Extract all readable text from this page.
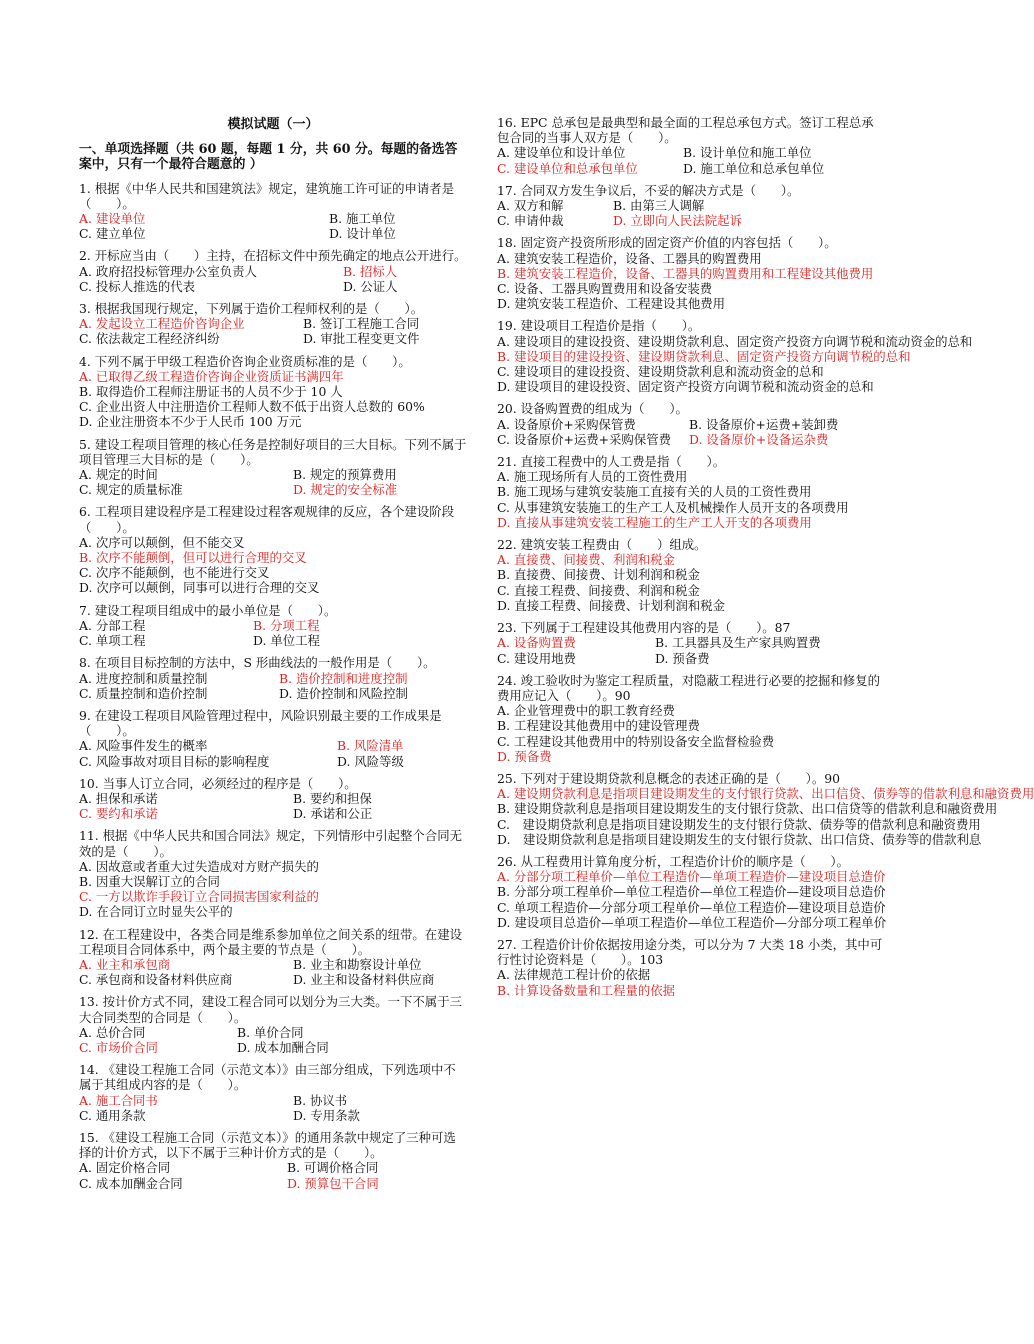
模拟试题（一）
一、单项选择题（共 60 题，每题 1 分，共 60 分。每题的备选答案中，只有一个最符合题意的 ）
1. 根据《中华人民共和国建筑法》规定，建筑施工许可证的申请者是（　　）。
A. 建设单位	B. 施工单位
C. 建立单位	D. 设计单位
2. 开标应当由（　　）主持，在招标文件中预先确定的地点公开进行。
A. 政府招投标管理办公室负责人	B. 招标人
C. 投标人推选的代表	D. 公证人
3. 根据我国现行规定，下列属于造价工程师权利的是（　　）。
A. 发起设立工程造价咨询企业	B. 签订工程施工合同
C. 依法裁定工程经济纠纷	D. 审批工程变更文件
4. 下列不属于甲级工程造价咨询企业资质标准的是（　　）。
A. 已取得乙级工程造价咨询企业资质证书满四年
B. 取得造价工程师注册证书的人员不少于 10 人
C. 企业出资人中注册造价工程师人数不低于出资人总数的 60%
D. 企业注册资本不少于人民币 100 万元
5. 建设工程项目管理的核心任务是控制好项目的三大目标。下列不属于项目管理三大目标的是（　　）。
A. 规定的时间	B. 规定的预算费用
C. 规定的质量标准	D. 规定的安全标准
6. 工程项目建设程序是工程建设过程客观规律的反应，各个建设阶段（　　）。
A. 次序可以颠倒，但不能交叉
B. 次序不能颠倒，但可以进行合理的交叉
C. 次序不能颠倒，也不能进行交叉
D. 次序可以颠倒，同事可以进行合理的交叉
7. 建设工程项目组成中的最小单位是（　　）。
A. 分部工程	B. 分项工程
C. 单项工程	D. 单位工程
8. 在项目目标控制的方法中，S 形曲线法的一般作用是（　　）。
A. 进度控制和质量控制	B. 造价控制和进度控制
C. 质量控制和造价控制	D. 造价控制和风险控制
9. 在建设工程项目风险管理过程中，风险识别最主要的工作成果是（　　）。
A. 风险事件发生的概率	B. 风险清单
C. 风险事故对项目目标的影响程度	D. 风险等级
10. 当事人订立合同，必须经过的程序是（　　）。
A. 担保和承诺	B. 要约和担保
C. 要约和承诺	D. 承诺和公正
11. 根据《中华人民共和国合同法》规定，下列情形中引起整个合同无效的是（　　）。
A. 因故意或者重大过失造成对方财产损失的
B. 因重大误解订立的合同
C. 一方以欺诈手段订立合同损害国家利益的
D. 在合同订立时显失公平的
12. 在工程建设中，各类合同是维系参加单位之间关系的纽带。在建设工程项目合同体系中，两个最主要的节点是（　　）。
A. 业主和承包商	B. 业主和勘察设计单位
C. 承包商和设备材料供应商	D. 业主和设备材料供应商
13. 按计价方式不同，建设工程合同可以划分为三大类。一下不属于三大合同类型的合同是（　　）。
A. 总价合同	B. 单价合同
C. 市场价合同	D. 成本加酬合同
14. 《建设工程施工合同（示范文本）》由三部分组成，下列选项中不属于其组成内容的是（　　）。
A. 施工合同书	B. 协议书
C. 通用条款	D. 专用条款
15. 《建设工程施工合同（示范文本）》的通用条款中规定了三种可选择的计价方式，以下不属于三种计价方式的是（　　）。
A. 固定价格合同	B. 可调价格合同
C. 成本加酬金合同	D. 预算包干合同
16. EPC 总承包是最典型和最全面的工程总承包方式。签订工程总承包合同的当事人双方是（　　）。
A. 建设单位和设计单位	B. 设计单位和施工单位
C. 建设单位和总承包单位	D. 施工单位和总承包单位
17. 合同双方发生争议后，不妥的解决方式是（　　）。
A. 双方和解	B. 由第三人调解
C. 申请仲裁	D. 立即向人民法院起诉
18. 固定资产投资所形成的固定资产价值的内容包括（　　）。
A. 建筑安装工程造价，设备、工器具的购置费用
B. 建筑安装工程造价，设备、工器具的购置费用和工程建设其他费用
C. 设备、工器具购置费用和设备安装费
D. 建筑安装工程造价、工程建设其他费用
19. 建设项目工程造价是指（　　）。
A. 建设项目的建设投资、建设期贷款利息、固定资产投资方向调节税和流动资金的总和
B. 建设项目的建设投资、建设期贷款利息、固定资产投资方向调节税的总和
C. 建设项目的建设投资、建设期贷款利息和流动资金的总和
D. 建设项目的建设投资、固定资产投资方向调节税和流动资金的总和
20. 设备购置费的组成为（　　）。
A. 设备原价+采购保管费	B. 设备原价+运费+装卸费
C. 设备原价+运费+采购保管费	D. 设备原价+设备运杂费
21. 直接工程费中的人工费是指（　　）。
A. 施工现场所有人员的工资性费用
B. 施工现场与建筑安装施工直接有关的人员的工资性费用
C. 从事建筑安装施工的生产工人及机械操作人员开支的各项费用
D. 直接从事建筑安装工程施工的生产工人开支的各项费用
22. 建筑安装工程费由（　　）组成。
A. 直接费、间接费、利润和税金
B. 直接费、间接费、计划利润和税金
C. 直接工程费、间接费、利润和税金
D. 直接工程费、间接费、计划利润和税金
23. 下列属于工程建设其他费用内容的是（　　）。87
A. 设备购置费	B. 工具器具及生产家具购置费
C. 建设用地费	D. 预备费
24. 竣工验收时为鉴定工程质量，对隐蔽工程进行必要的挖掘和修复的费用应记入（　　）。90
A. 企业管理费中的职工教育经费
B. 工程建设其他费用中的建设管理费
C. 工程建设其他费用中的特别设备安全监督检验费
D. 预备费
25. 下列对于建设期贷款利息概念的表述正确的是（　　）。90
A. 建设期贷款利息是指项目建设期发生的支付银行贷款、出口信贷、债券等的借款利息和融资费用
B. 建设期贷款利息是指项目建设期发生的支付银行贷款、出口信贷等的借款利息和融资费用
C.　建设期贷款利息是指项目建设期发生的支付银行贷款、债券等的借款利息和融资费用
D.　建设期贷款利息是指项目建设期发生的支付银行贷款、出口信贷、债券等的借款利息
26. 从工程费用计算角度分析，工程造价计价的顺序是（　　）。
A. 分部分项工程单价—单位工程造价—单项工程造价—建设项目总造价
B. 分部分项工程单价—单位工程造价—单位工程造价—建设项目总造价
C. 单项工程造价—分部分项工程单价—单位工程造价—建设项目总造价
D. 建设项目总造价—单项工程造价—单位工程造价—分部分项工程单价
27. 工程造价计价依据按用途分类，可以分为 7 大类 18 小类，其中可行性讨论资料是（　　）。103
A. 法律规范工程计价的依据
B. 计算设备数量和工程量的依据
